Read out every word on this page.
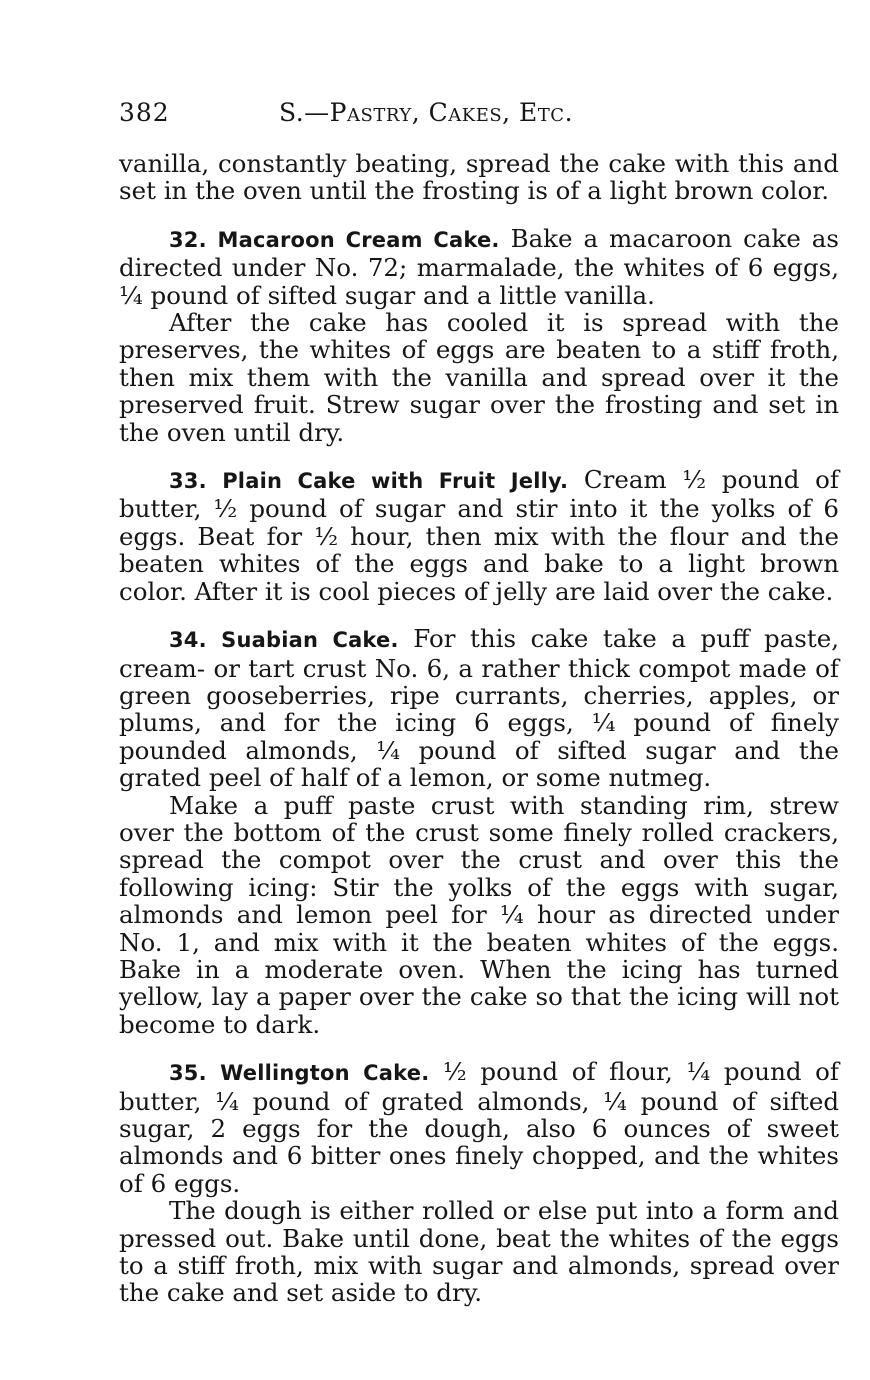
382	S.—Pastry, Cakes, Etc.

vanilla, constantly beating, spread the cake with this and set in the oven until the frosting is of a light brown color.

32. Macaroon Cream Cake. Bake a macaroon cake as directed under No. 72; marmalade, the whites of 6 eggs, ¼ pound of sifted sugar and a little vanilla.

After the cake has cooled it is spread with the preserves, the whites of eggs are beaten to a stiff froth, then mix them with the vanilla and spread over it the preserved fruit. Strew sugar over the frosting and set in the oven until dry.

33. Plain Cake with Fruit Jelly. Cream ½ pound of butter, ½ pound of sugar and stir into it the yolks of 6 eggs. Beat for ½ hour, then mix with the flour and the beaten whites of the eggs and bake to a light brown color. After it is cool pieces of jelly are laid over the cake.

34. Suabian Cake. For this cake take a puff paste, cream- or tart crust No. 6, a rather thick compot made of green gooseberries, ripe currants, cherries, apples, or plums, and for the icing 6 eggs, ¼ pound of finely pounded almonds, ¼ pound of sifted sugar and the grated peel of half of a lemon, or some nutmeg.

Make a puff paste crust with standing rim, strew over the bottom of the crust some finely rolled crackers, spread the compot over the crust and over this the following icing: Stir the yolks of the eggs with sugar, almonds and lemon peel for ¼ hour as directed under No. 1, and mix with it the beaten whites of the eggs. Bake in a moderate oven. When the icing has turned yellow, lay a paper over the cake so that the icing will not become to dark.

35. Wellington Cake. ½ pound of flour, ¼ pound of butter, ¼ pound of grated almonds, ¼ pound of sifted sugar, 2 eggs for the dough, also 6 ounces of sweet almonds and 6 bitter ones finely chopped, and the whites of 6 eggs.

The dough is either rolled or else put into a form and pressed out. Bake until done, beat the whites of the eggs to a stiff froth, mix with sugar and almonds, spread over the cake and set aside to dry.
